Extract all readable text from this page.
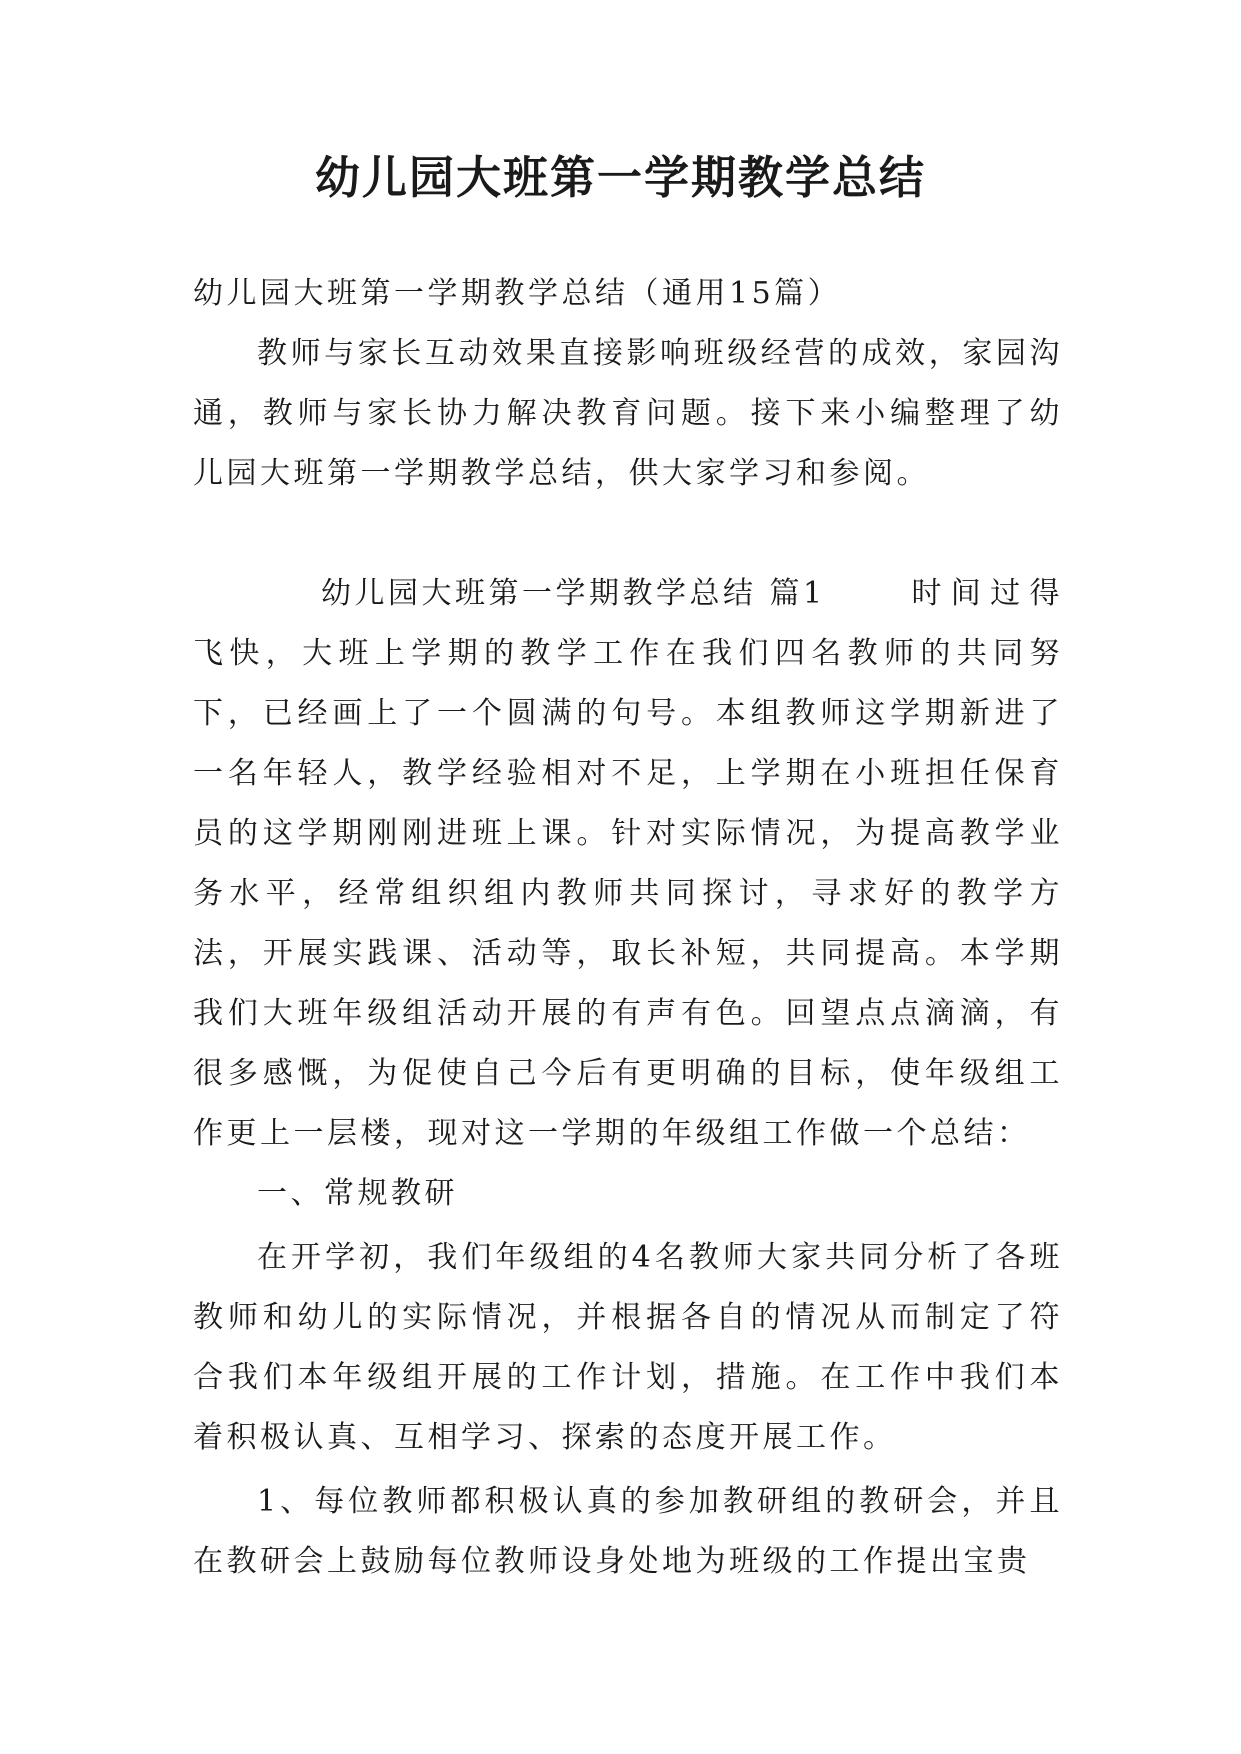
幼儿园大班第一学期教学总结

幼儿园大班第一学期教学总结（通用15篇）

教师与家长互动效果直接影响班级经营的成效，家园沟通，教师与家长协力解决教育问题。接下来小编整理了幼儿园大班第一学期教学总结，供大家学习和参阅。

幼儿园大班第一学期教学总结 篇1	时间过得飞快，大班上学期的教学工作在我们四名教师的共同努下，已经画上了一个圆满的句号。本组教师这学期新进了一名年轻人，教学经验相对不足，上学期在小班担任保育员的这学期刚刚进班上课。针对实际情况，为提高教学业务水平，经常组织组内教师共同探讨，寻求好的教学方法，开展实践课、活动等，取长补短，共同提高。本学期我们大班年级组活动开展的有声有色。回望点点滴滴，有很多感慨，为促使自己今后有更明确的目标，使年级组工作更上一层楼，现对这一学期的年级组工作做一个总结：

一、常规教研

在开学初，我们年级组的4名教师大家共同分析了各班教师和幼儿的实际情况，并根据各自的情况从而制定了符合我们本年级组开展的工作计划，措施。在工作中我们本着积极认真、互相学习、探索的态度开展工作。

1、每位教师都积极认真的参加教研组的教研会，并且在教研会上鼓励每位教师设身处地为班级的工作提出宝贵
